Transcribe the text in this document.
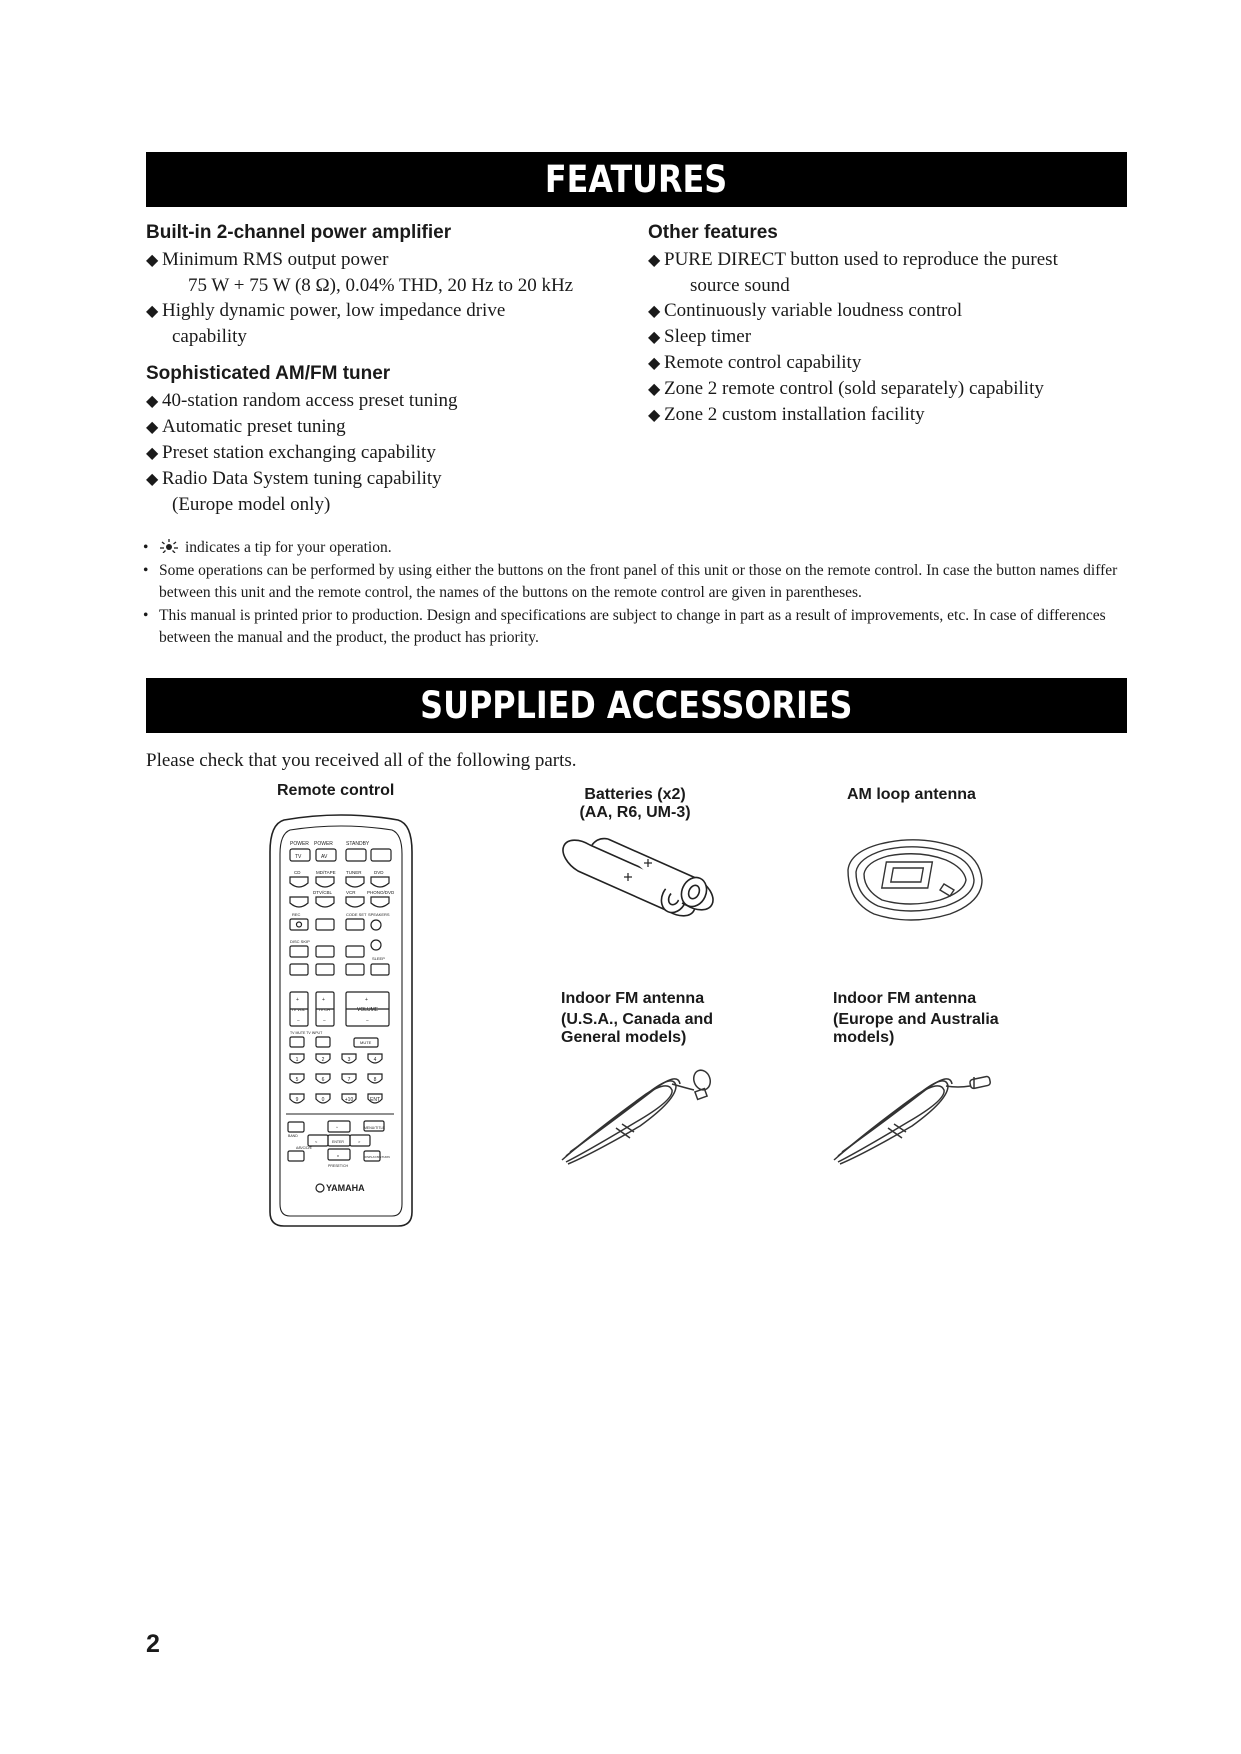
FEATURES
Built-in 2-channel power amplifier
◆ Minimum RMS output power
75 W + 75 W (8 Ω), 0.04% THD, 20 Hz to 20 kHz
◆ Highly dynamic power, low impedance drive
capability
Sophisticated AM/FM tuner
◆ 40-station random access preset tuning
◆ Automatic preset tuning
◆ Preset station exchanging capability
◆ Radio Data System tuning capability
(Europe model only)
Other features
◆ PURE DIRECT button used to reproduce the purest
source sound
◆ Continuously variable loudness control
◆ Sleep timer
◆ Remote control capability
◆ Zone 2 remote control (sold separately) capability
◆ Zone 2 custom installation facility
• indicates a tip for your operation.
• Some operations can be performed by using either the buttons on the front panel of this unit or those on the remote control. In case the button names differ between this unit and the remote control, the names of the buttons on the remote control are given in parentheses.
• This manual is printed prior to production. Design and specifications are subject to change in part as a result of improvements, etc. In case of differences between the manual and the product, the product has priority.
SUPPLIED ACCESSORIES
Please check that you received all of the following parts.
Remote control	Batteries (x2)
(AA, R6, UM-3)
AM loop antenna
Indoor FM antenna
(U.S.A., Canada and
General models)
Indoor FM antenna
(Europe and Australia
models)
POWER POWER	STANDBY
TV	AV
CD	MD/TAPE TUNER	DVD
DTV/CBL	VCR	PHONO/DVD
REC	CODE SET SPEAKERS
DISC SKIP
SLEEP
+	+	+
−	−	−
TV VOL	TV CH	VOLUME
TV MUTE TV INPUT
MUTE
1	2	3	4
5	6	7	8
9	0	+10	ENT
^
<	>
v
ENTER
MENU/TITLE
BAND
A/B/C/D/E
DISPLAY/RETURN
PRESET/CH
YAMAHA
2
